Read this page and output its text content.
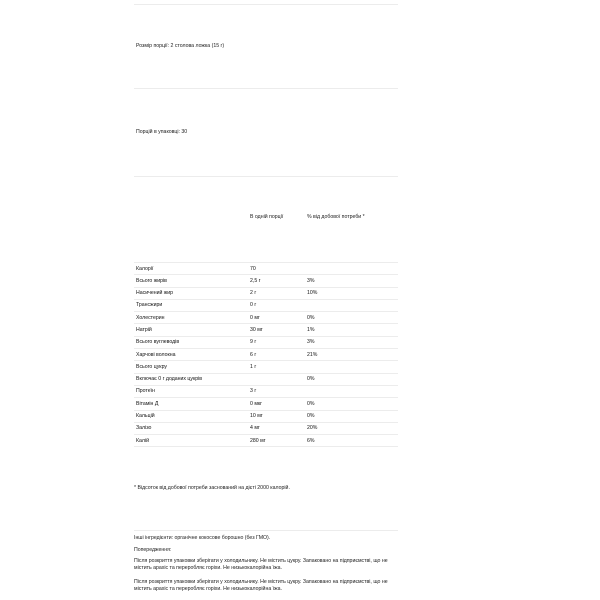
Розмір порції: 2 столова ложка (15 г)
Порцій в упаковці: 30
В одній порції	% від добової потреби *
Калорії	70
Всього жирів	2,5 г	3%
Насичений жир	2 г	10%
Трансжири	0 г
Холестерин	0 мг	0%
Натрій	30 мг	1%
Всього вуглеводів	9 г	3%
Харчові волокна	6 г	21%
Всього цукру	1 г
Включає 0 г доданих цукрів	0%
Протеїн	3 г
Вітамін Д	0 мкг	0%
Кальцій	10 мг	0%
Залізо	4 мг	20%
Калій	280 мг	6%
* Відсоток від добової потреби заснований на дієті 2000 калорій.
Інші інгредієнти: органічне кокосове борошно (без ГМО).
Попередження:
Після розкриття упаковки зберігати у холодильнику. Не містить цукру. Запаковано на підприємстві, що не містить арахіс та переробляє горіхи. Не низькокалорійна їжа.
Після розкриття упаковки зберігати у холодильнику. Не містить цукру. Запаковано на підприємстві, що не містить арахіс та переробляє горіхи. Не низькокалорійна їжа.
